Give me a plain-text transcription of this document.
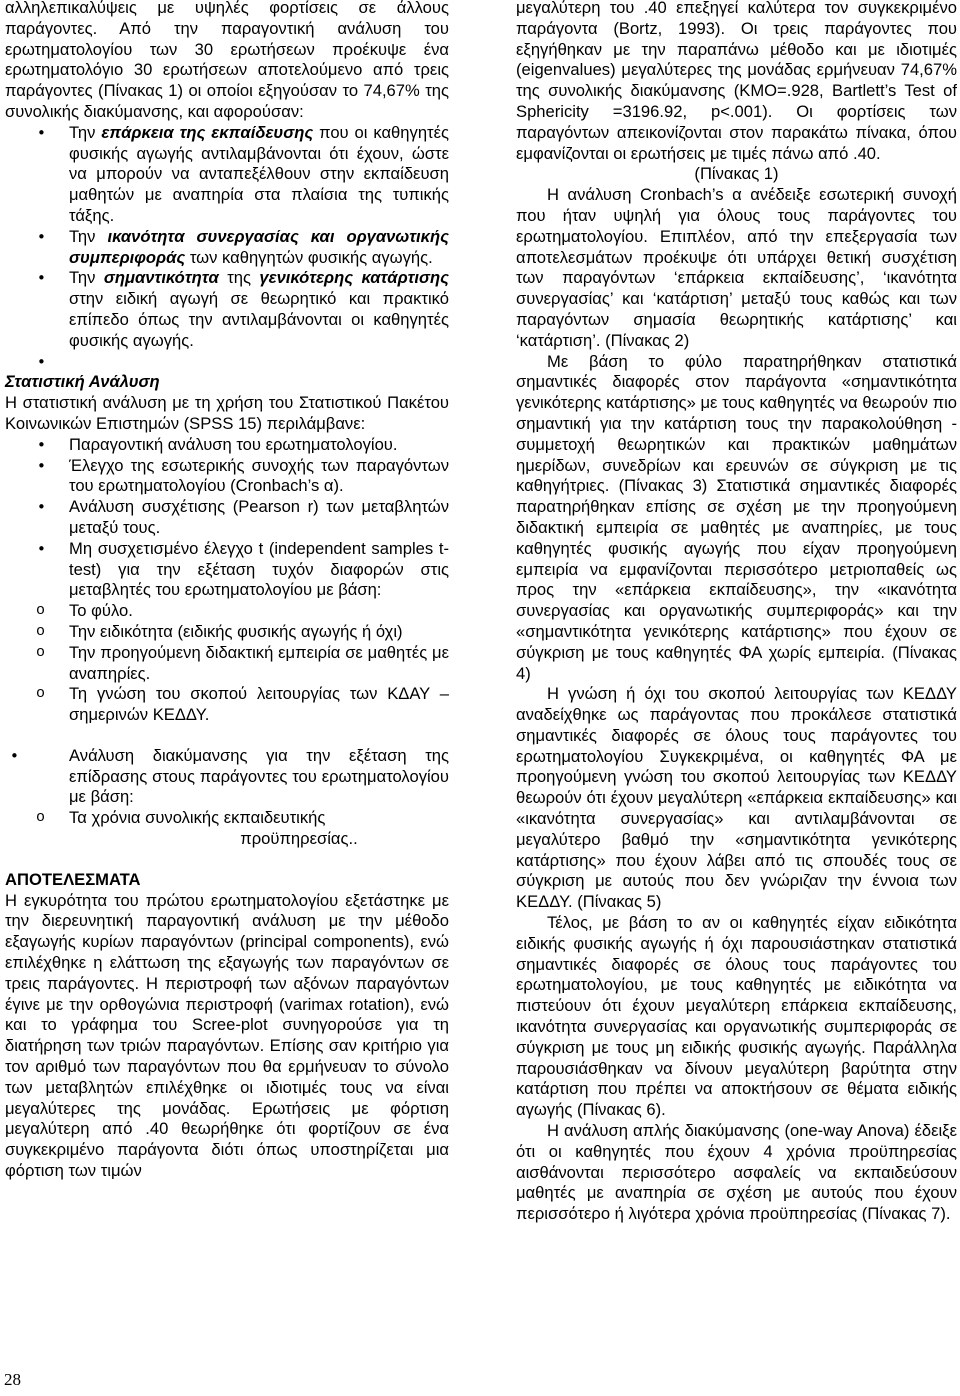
αλληλεπικαλύψεις με υψηλές φορτίσεις σε άλλους παράγοντες. Από την παραγοντική ανάλυση του ερωτηματολογίου των 30 ερωτήσεων προέκυψε ένα ερωτηματολόγιο 30 ερωτήσεων αποτελούμενο από τρεις παράγοντες (Πίνακας 1) οι οποίοι εξηγούσαν το 74,67% της συνολικής διακύμανσης, και αφορούσαν:

• Την επάρκεια της εκπαίδευσης που οι καθηγητές φυσικής αγωγής αντιλαμβάνονται ότι έχουν, ώστε να μπορούν να ανταπεξέλθουν στην εκπαίδευση μαθητών με αναπηρία στα πλαίσια της τυπικής τάξης.
• Την ικανότητα συνεργασίας και οργανωτικής συμπεριφοράς των καθηγητών φυσικής αγωγής.
• Την σημαντικότητα της γενικότερης κατάρτισης στην ειδική αγωγή σε θεωρητικό και πρακτικό επίπεδο όπως την αντιλαμβάνονται οι καθηγητές φυσικής αγωγής.
•

Στατιστική Ανάλυση

Η στατιστική ανάλυση με τη χρήση του Στατιστικού Πακέτου Κοινωνικών Επιστημών (SPSS 15) περιλάμβανε:

• Παραγοντική ανάλυση του ερωτηματολογίου.
• Έλεγχο της εσωτερικής συνοχής των παραγόντων του ερωτηματολογίου (Cronbach’s α).
• Ανάλυση συσχέτισης (Pearson r) των μεταβλητών μεταξύ τους.
• Μη συσχετισμένο έλεγχο t (independent samples t-test) για την εξέταση τυχόν διαφορών στις μεταβλητές του ερωτηματολογίου με βάση:
o Το φύλο.
o Την ειδικότητα (ειδικής φυσικής αγωγής ή όχι)
o Την προηγούμενη διδακτική εμπειρία σε μαθητές με αναπηρίες.
o Τη γνώση του σκοπού λειτουργίας των ΚΔΑΥ – σημερινών ΚΕΔΔΥ.

•	Ανάλυση διακύμανσης για την εξέταση της επίδρασης στους παράγοντες του ερωτηματολογίου με βάση:

o Τα χρόνια συνολικής εκπαιδευτικής

προϋπηρεσίας..

ΑΠΟΤΕΛΕΣΜΑΤΑ

Η εγκυρότητα του πρώτου ερωτηματολογίου εξετάστηκε με την διερευνητική παραγοντική ανάλυση με την μέθοδο εξαγωγής κυρίων παραγόντων (principal components), ενώ επιλέχθηκε η ελάττωση της εξαγωγής των παραγόντων σε τρεις παράγοντες. Η περιστροφή των αξόνων παραγόντων έγινε με την ορθογώνια περιστροφή (varimax rotation), ενώ και το γράφημα του Scree-plot συνηγορούσε για τη διατήρηση των τριών παραγόντων. Επίσης σαν κριτήριο για τον αριθμό των παραγόντων που θα ερμήνευαν το σύνολο των μεταβλητών επιλέχθηκε οι ιδιοτιμές τους να είναι μεγαλύτερες της μονάδας. Ερωτήσεις με φόρτιση μεγαλύτερη από .40 θεωρήθηκε ότι φορτίζουν σε ένα συγκεκριμένο παράγοντα διότι όπως υποστηρίζεται μια φόρτιση των τιμών

μεγαλύτερη του .40 επεξηγεί καλύτερα τον συγκεκριμένο παράγοντα (Bortz, 1993). Οι τρεις παράγοντες που εξηγήθηκαν με την παραπάνω μέθοδο και με ιδιοτιμές (eigenvalues) μεγαλύτερες της μονάδας ερμήνευαν 74,67% της συνολικής διακύμανσης (ΚΜΟ=.928, Bartlett’s Test of Sphericity =3196.92, p<.001). Οι φορτίσεις των παραγόντων απεικονίζονται στον παρακάτω πίνακα, όπου εμφανίζονται οι ερωτήσεις με τιμές πάνω από .40.

(Πίνακας 1)

Η ανάλυση Cronbach’s α ανέδειξε εσωτερική συνοχή που ήταν υψηλή για όλους τους παράγοντες του ερωτηματολογίου. Επιπλέον, από την επεξεργασία των αποτελεσμάτων προέκυψε ότι υπάρχει θετική συσχέτιση των παραγόντων ‘επάρκεια εκπαίδευσης’, ‘ικανότητα συνεργασίας’ και ‘κατάρτιση’ μεταξύ τους καθώς και των παραγόντων σημασία θεωρητικής κατάρτισης’ και ‘κατάρτιση’. (Πίνακας 2)

Με βάση το φύλο παρατηρήθηκαν στατιστικά σημαντικές διαφορές στον παράγοντα «σημαντικότητα γενικότερης κατάρτισης» με τους καθηγητές να θεωρούν πιο σημαντική για την κατάρτιση τους την παρακολούθηση - συμμετοχή θεωρητικών και πρακτικών μαθημάτων ημερίδων, συνεδρίων και ερευνών σε σύγκριση με τις καθηγήτριες. (Πίνακας 3) Στατιστικά σημαντικές διαφορές παρατηρήθηκαν επίσης σε σχέση με την προηγούμενη διδακτική εμπειρία σε μαθητές με αναπηρίες, με τους καθηγητές φυσικής αγωγής που είχαν προηγούμενη εμπειρία να εμφανίζονται περισσότερο μετριοπαθείς ως προς την «επάρκεια εκπαίδευσης», την «ικανότητα συνεργασίας και οργανωτικής συμπεριφοράς» και την «σημαντικότητα γενικότερης κατάρτισης» που έχουν σε σύγκριση με τους καθηγητές ΦΑ χωρίς εμπειρία. (Πίνακας 4)

Η γνώση ή όχι του σκοπού λειτουργίας των ΚΕΔΔΥ αναδείχθηκε ως παράγοντας που προκάλεσε στατιστικά σημαντικές διαφορές σε όλους τους παράγοντες του ερωτηματολογίου Συγκεκριμένα, οι καθηγητές ΦΑ με προηγούμενη γνώση του σκοπού λειτουργίας των ΚΕΔΔΥ θεωρούν ότι έχουν μεγαλύτερη «επάρκεια εκπαίδευσης» και «ικανότητα συνεργασίας» και αντιλαμβάνονται σε μεγαλύτερο βαθμό την «σημαντικότητα γενικότερης κατάρτισης» που έχουν λάβει από τις σπουδές τους σε σύγκριση με αυτούς που δεν γνώριζαν την έννοια των ΚΕΔΔΥ. (Πίνακας 5)

Τέλος, με βάση το αν οι καθηγητές είχαν ειδικότητα ειδικής φυσικής αγωγής ή όχι παρουσιάστηκαν στατιστικά σημαντικές διαφορές σε όλους τους παράγοντες του ερωτηματολογίου, με τους καθηγητές με ειδικότητα να πιστεύουν ότι έχουν μεγαλύτερη επάρκεια εκπαίδευσης, ικανότητα συνεργασίας και οργανωτικής συμπεριφοράς σε σύγκριση με τους μη ειδικής φυσικής αγωγής. Παράλληλα παρουσιάσθηκαν να δίνουν μεγαλύτερη βαρύτητα στην κατάρτιση που πρέπει να αποκτήσουν σε θέματα ειδικής αγωγής (Πίνακας 6).

Η ανάλυση απλής διακύμανσης (one-way Anova) έδειξε ότι οι καθηγητές που έχουν 4 χρόνια προϋπηρεσίας αισθάνονται περισσότερο ασφαλείς να εκπαιδεύσουν μαθητές με αναπηρία σε σχέση με αυτούς που έχουν περισσότερο ή λιγότερα χρόνια προϋπηρεσίας (Πίνακας 7).

28
